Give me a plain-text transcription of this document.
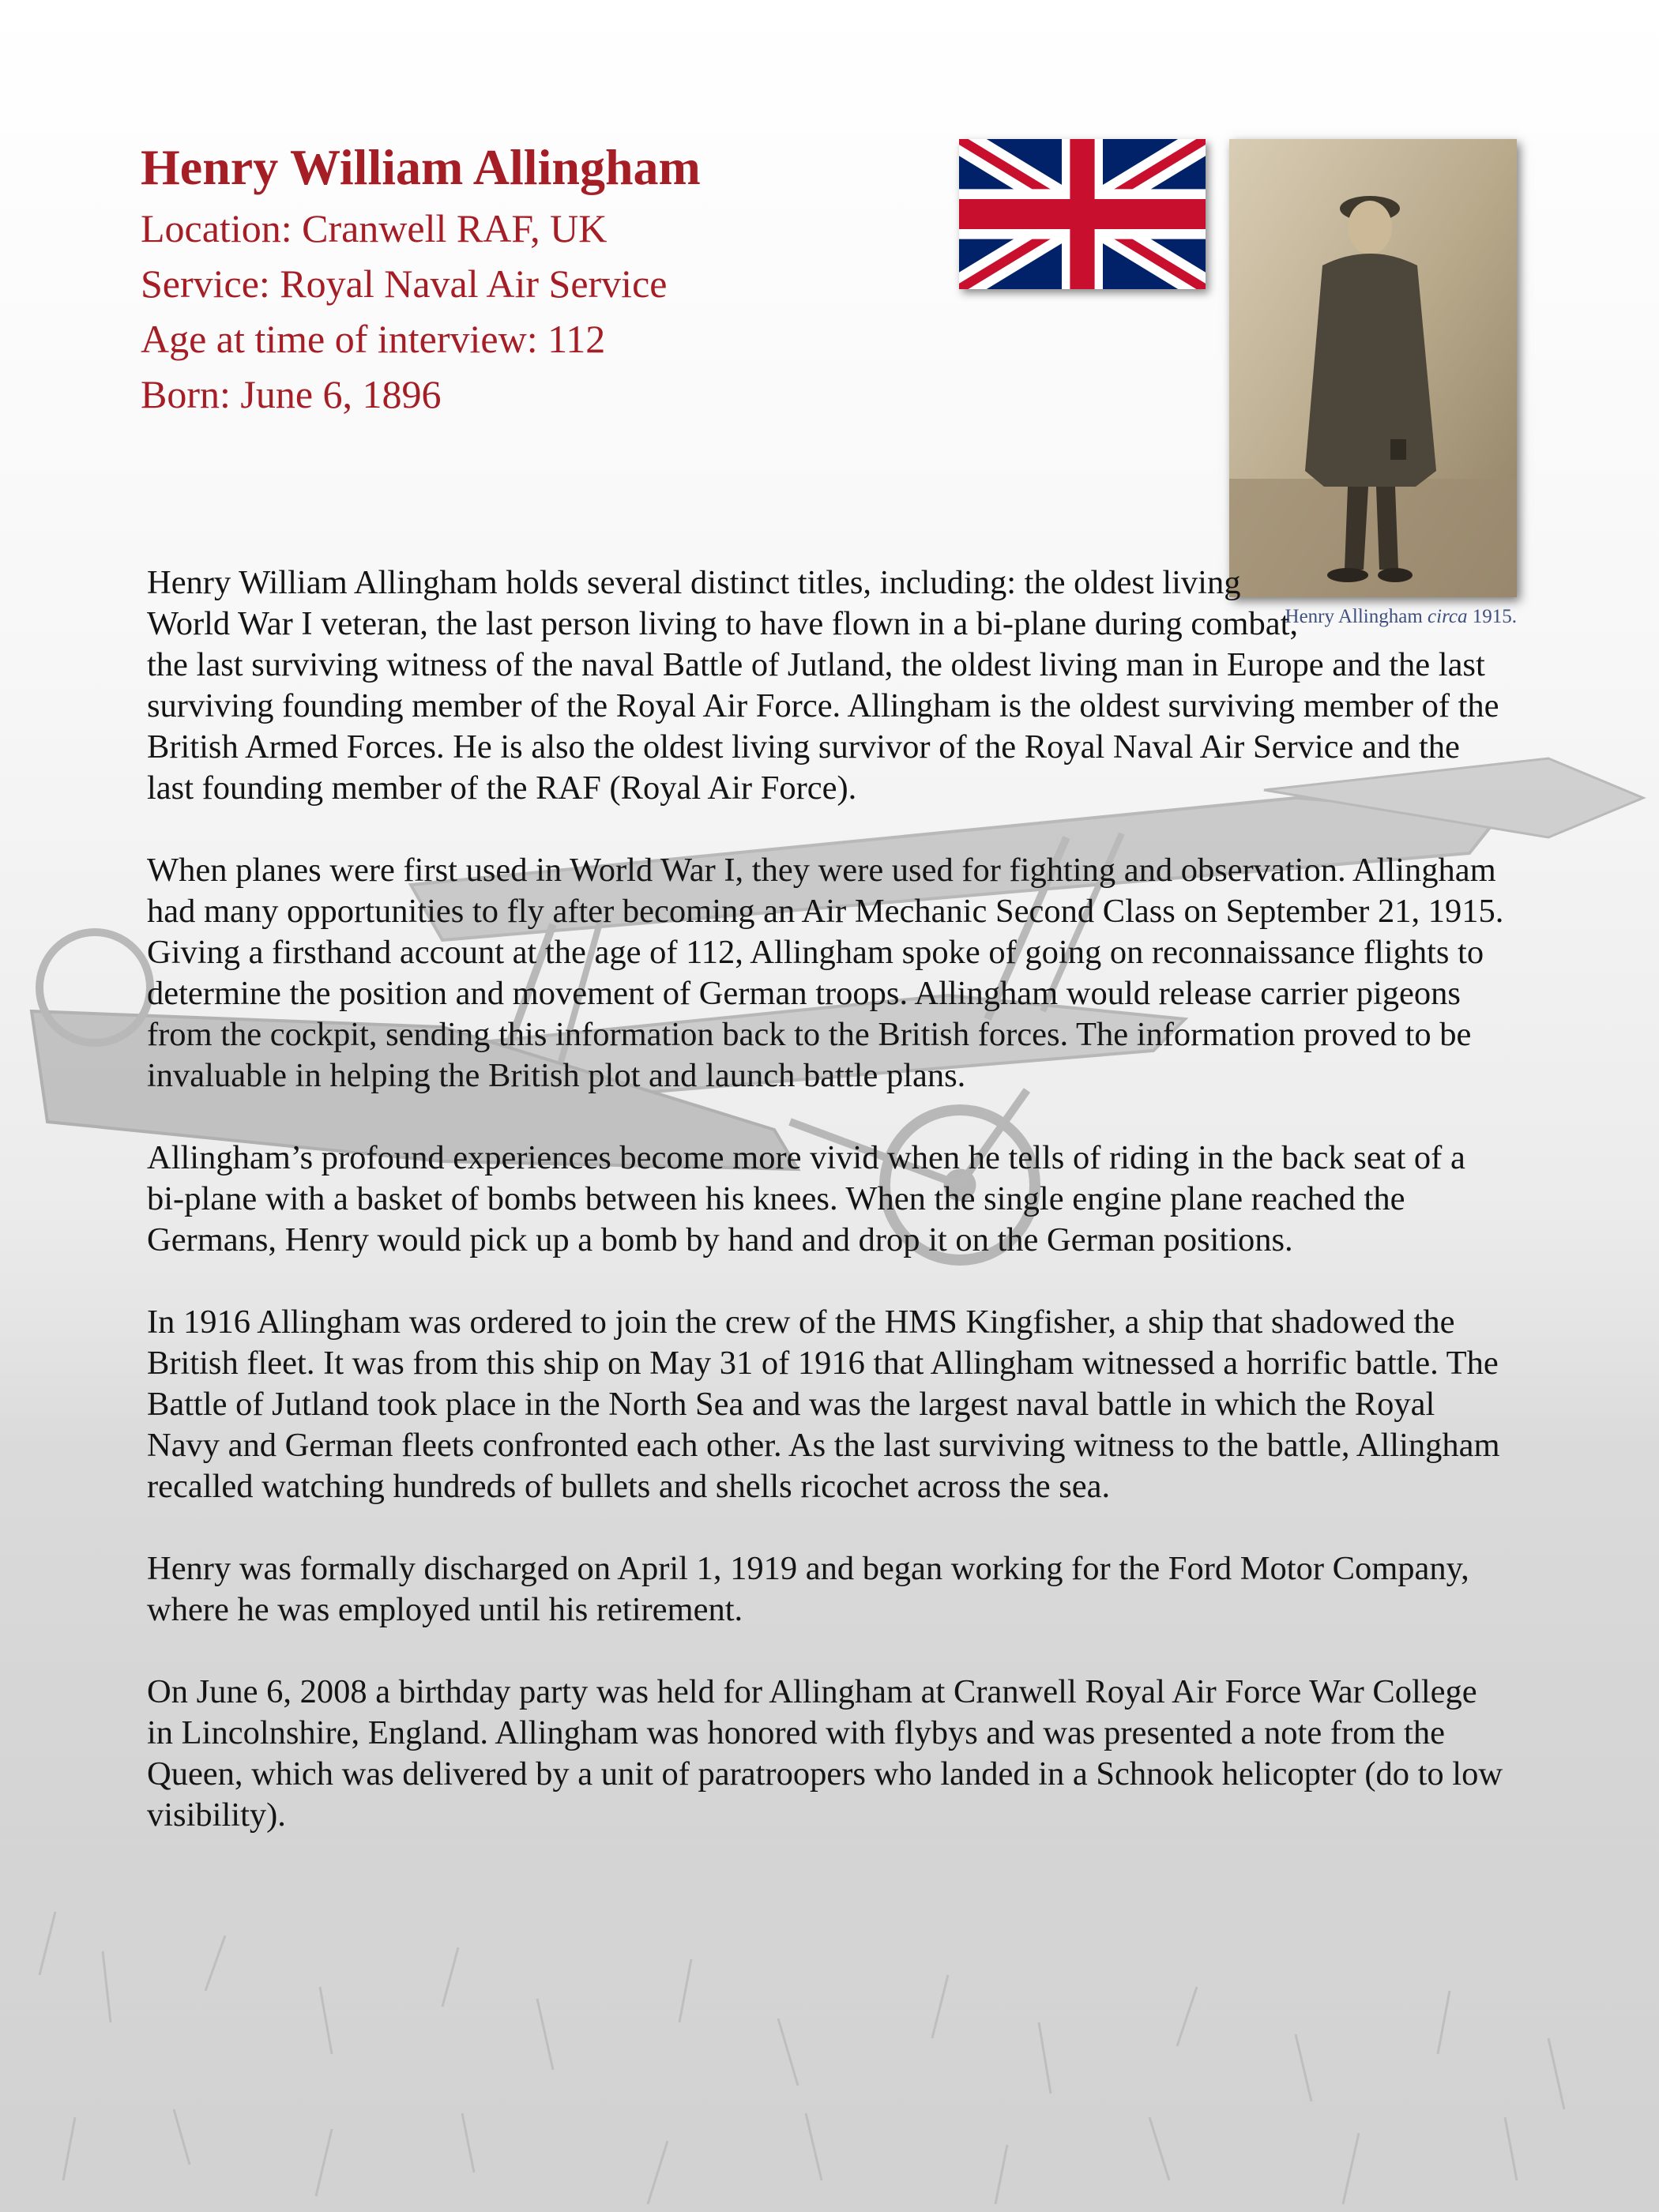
Henry William Allingham

Location: Cranwell RAF, UK

Service: Royal Naval Air Service

Age at time of interview: 112

Born: June 6, 1896

Henry Allingham circa 1915.

Henry William Allingham holds several distinct titles, including: the oldest living World War I veteran, the last person living to have flown in a bi-plane during combat, the last surviving witness of the naval Battle of Jutland, the oldest living man in Europe and the last surviving founding member of the Royal Air Force. Allingham is the oldest surviving member of the British Armed Forces. He is also the oldest living survivor of the Royal Naval Air Service and the last founding member of the RAF (Royal Air Force).

When planes were first used in World War I, they were used for fighting and observation. Allingham had many opportunities to fly after becoming an Air Mechanic Second Class on September 21, 1915. Giving a firsthand account at the age of 112, Allingham spoke of going on reconnaissance flights to determine the position and movement of German troops. Allingham would release carrier pigeons from the cockpit, sending this information back to the British forces. The information proved to be invaluable in helping the British plot and launch battle plans.

Allingham’s profound experiences become more vivid when he tells of riding in the back seat of a bi-plane with a basket of bombs between his knees. When the single engine plane reached the Germans, Henry would pick up a bomb by hand and drop it on the German positions.

In 1916 Allingham was ordered to join the crew of the HMS Kingfisher, a ship that shadowed the British fleet. It was from this ship on May 31 of 1916 that Allingham witnessed a horrific battle. The Battle of Jutland took place in the North Sea and was the largest naval battle in which the Royal Navy and German fleets confronted each other. As the last surviving witness to the battle, Allingham recalled watching hundreds of bullets and shells ricochet across the sea.

Henry was formally discharged on April 1, 1919 and began working for the Ford Motor Company, where he was employed until his retirement.

On June 6, 2008 a birthday party was held for Allingham at Cranwell Royal Air Force War College in Lincolnshire, England. Allingham was honored with flybys and was presented a note from the Queen, which was delivered by a unit of paratroopers who landed in a Schnook helicopter (do to low visibility).
